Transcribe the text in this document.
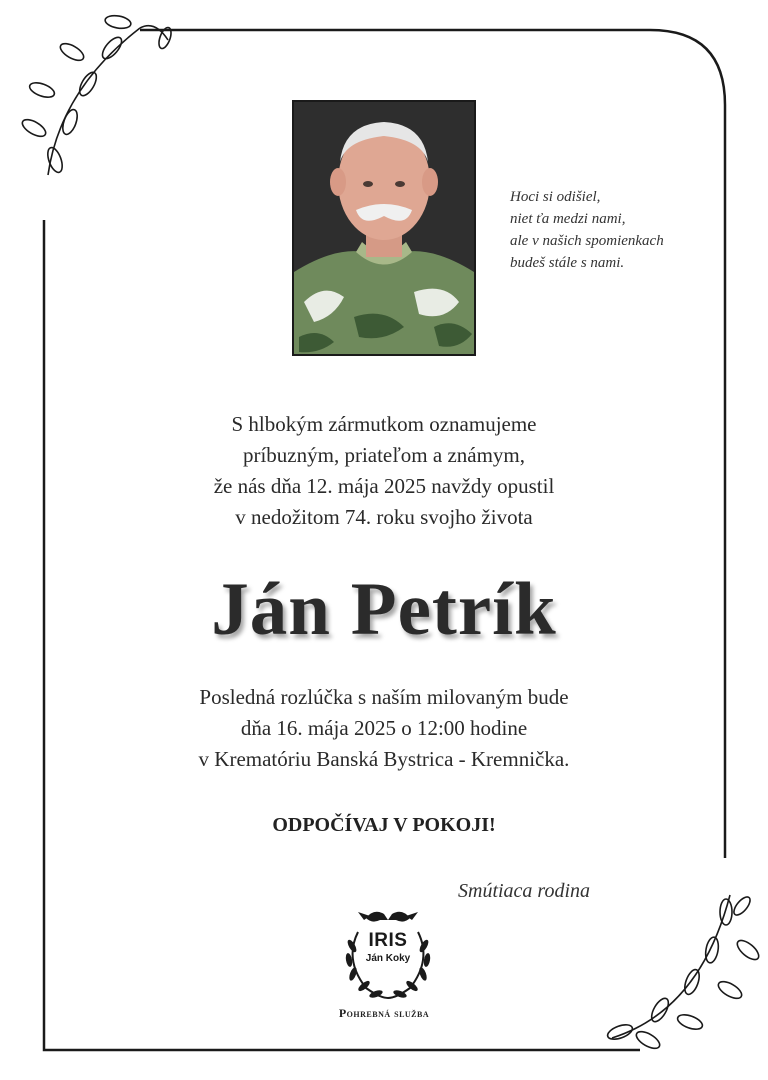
Hoci si odišiel,
niet ťa medzi nami,
ale v našich spomienkach
budeš stále s nami.
S hlbokým zármutkom oznamujeme
príbuzným, priateľom a známym,
že nás dňa 12. mája 2025 navždy opustil
v nedožitom 74. roku svojho života
Ján Petrík
Posledná rozlúčka s naším milovaným bude
dňa 16. mája 2025 o 12:00 hodine
v Krematóriu Banská Bystrica - Kremnička.
ODPOČÍVAJ V POKOJI!
Smútiaca rodina
IRIS
Ján Koky
Pohrebná služba
